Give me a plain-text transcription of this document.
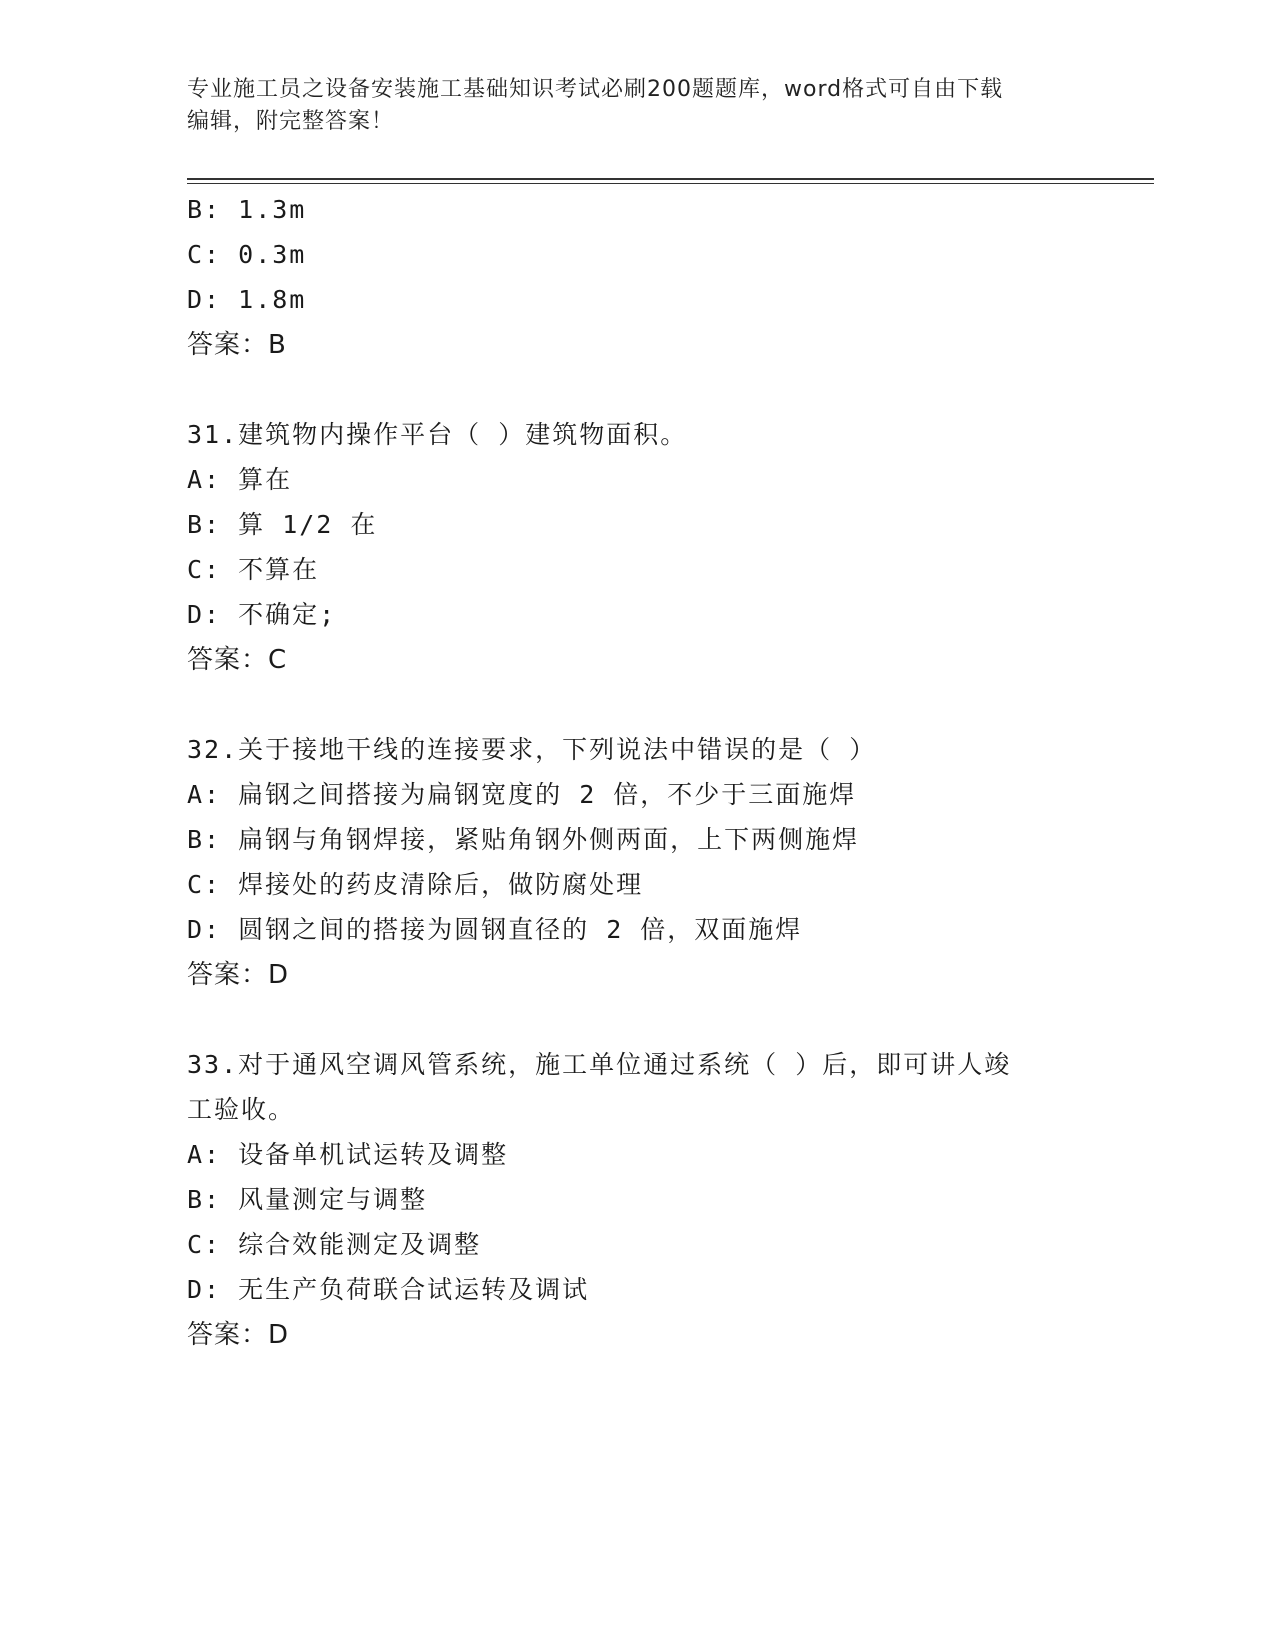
专业施工员之设备安装施工基础知识考试必刷200题题库，word格式可自由下载
编辑，附完整答案！
B: 1.3m
C: 0.3m
D: 1.8m
答案：B
31.建筑物内操作平台（ ）建筑物面积。
A: 算在
B: 算 1/2 在
C: 不算在
D: 不确定;
答案：C
32.关于接地干线的连接要求，下列说法中错误的是（ ）
A: 扁钢之间搭接为扁钢宽度的 2 倍，不少于三面施焊
B: 扁钢与角钢焊接，紧贴角钢外侧两面，上下两侧施焊
C: 焊接处的药皮清除后，做防腐处理
D: 圆钢之间的搭接为圆钢直径的 2 倍，双面施焊
答案：D
33.对于通风空调风管系统，施工单位通过系统（ ）后，即可讲人竣
工验收。
A: 设备单机试运转及调整
B: 风量测定与调整
C: 综合效能测定及调整
D: 无生产负荷联合试运转及调试
答案：D
